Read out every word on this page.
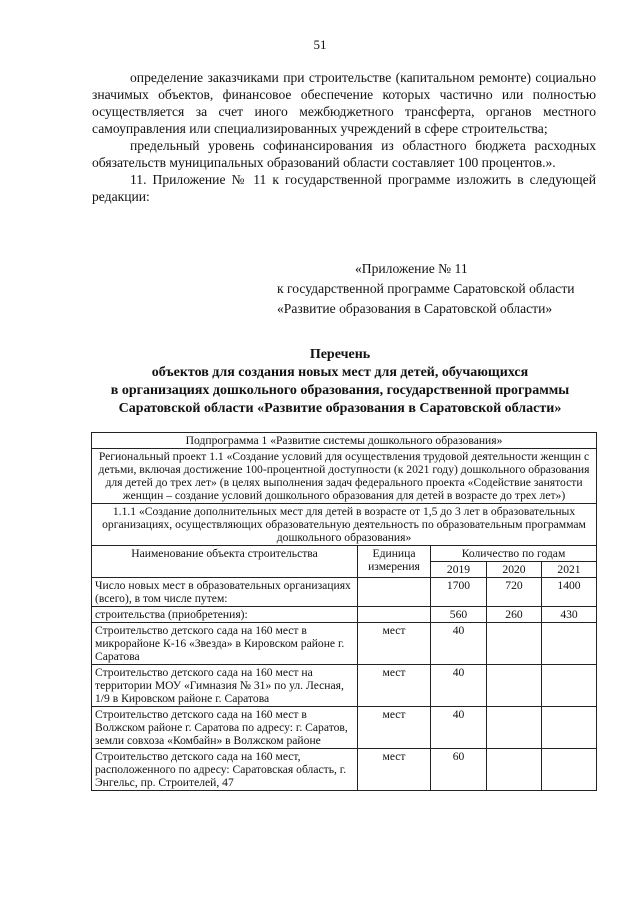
51

определение заказчиками при строительстве (капитальном ремонте) социально значимых объектов, финансовое обеспечение которых частично или полностью осуществляется за счет иного межбюджетного трансферта, органов местного самоуправления или специализированных учреждений в сфере строительства;

предельный уровень софинансирования из областного бюджета расходных обязательств муниципальных образований области составляет 100 процентов.».

11. Приложение № 11 к государственной программе изложить в следующей редакции:

«Приложение № 11
к государственной программе Саратовской области
«Развитие образования в Саратовской области»
Перечень
объектов для создания новых мест для детей, обучающихся
в организациях дошкольного образования, государственной программы
Саратовской области «Развитие образования в Саратовской области»
Подпрограмма 1 «Развитие системы дошкольного образования»				
Региональный проект 1.1 «Создание условий для осуществления трудовой деятельности женщин с детьми, включая достижение 100-процентной доступности (к 2021 году) дошкольного образования для детей до трех лет» (в целях выполнения задач федерального проекта «Содействие занятости женщин – создание условий дошкольного образования для детей в возрасте до трех лет»)				
1.1.1 «Создание дополнительных мест для детей в возрасте от 1,5 до 3 лет в образовательных организациях, осуществляющих образовательную деятельность по образовательным программам дошкольного образования»				
Наименование объекта строительства	Единица измерения	Количество по годам		
		2019	2020	2021
Число новых мест в образовательных организациях (всего), в том числе путем:		1700	720	1400
строительства (приобретения):		560	260	430
Строительство детского сада на 160 мест в микрорайоне К-16 «Звезда» в Кировском районе г. Саратова	мест	40		
Строительство детского сада на 160 мест на территории МОУ «Гимназия № 31» по ул. Лесная, 1/9 в Кировском районе г. Саратова	мест	40		
Строительство детского сада на 160 мест в Волжском районе г. Саратова по адресу: г. Саратов, земли совхоза «Комбайн» в Волжском районе	мест	40		
Строительство детского сада на 160 мест, расположенного по адресу: Саратовская область, г. Энгельс, пр. Строителей, 47	мест	60		
